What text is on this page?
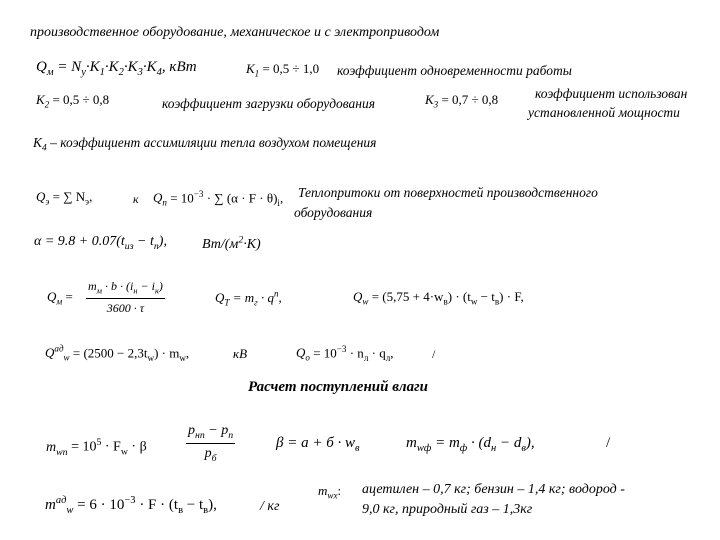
производственное оборудование, механическое и с электроприводом
$Q_м = N_у\cdot K_1\cdot K_2\cdot K_3\cdot K_4$, кВт	$K_1 = 0,5 \div 1,0$ коэффициент одновременности работы
$K_2 = 0,5 \div 0,8$	коэффициент загрузки оборудования	$K_3 = 0,7 \div 0,8$	коэффициент использован
установленной мощности
$K_4$ – коэффициент ассимиляции тепла воздухом помещения
$Q_э$ = ∑ $N_э$,	к $Q_п = 10^{-3}$ · ∑ $(\alpha \cdot F \cdot \theta)_i$, Теплопритоки от поверхностей производственного
оборудования
$\alpha = 9.8 + 0.07(t_{из} - t_п)$,	$Вт/(м^2\cdot К)$
$Q_м$ =
$m_м \cdot b \cdot (i_н - i_к)$
3600 · τ
$Q_T = m_г \cdot q^п$,	$Q_w = (5,75 + 4\cdot w_в) \cdot (t_w - t_в) \cdot F$,
$Q^{ад}_w = (2500 - 2,3t_w) \cdot m_w$,	кВ	$Q_о = 10^{-3} \cdot n_л \cdot q_л$,	/
Расчет поступлений влаги
$m_{wn} = 10^5 \cdot F_w \cdot \beta$
$p_{нп} - p_п$
$p_б$
$\beta = a + б \cdot w_в$	$m_{wф} = m_ф \cdot (d_н - d_в)$,	/
$m^{ад}_w = 6 \cdot 10^{-3} \cdot F \cdot (t_в - t_в)$,	/ кг
$m_{wx}$: ацетилен – 0,7 кг; бензин – 1,4 кг; водород -
9,0 кг, природный газ – 1,3кг
